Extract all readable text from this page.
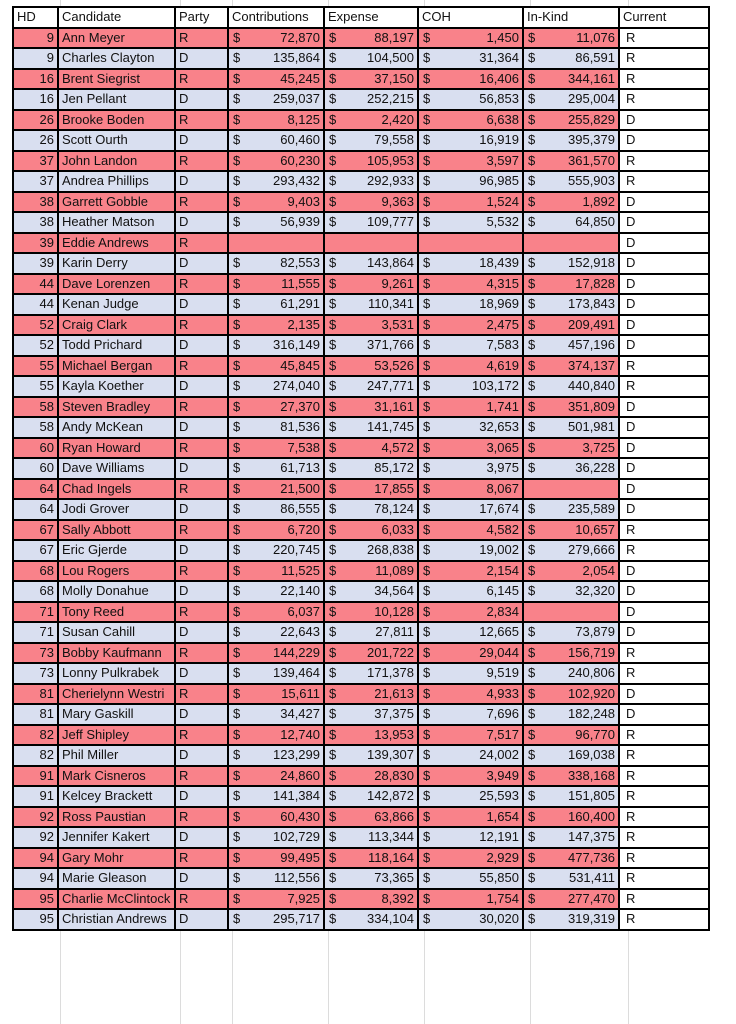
HD	Candidate	Party	Contributions	Expense	COH	In-Kind	Current
9	Ann Meyer	R	$ 72,870	$ 88,197	$ 1,450	$ 11,076	R
9	Charles Clayton	D	$ 135,864	$ 104,500	$ 31,364	$ 86,591	R
16	Brent Siegrist	R	$ 45,245	$ 37,150	$ 16,406	$ 344,161	R
16	Jen Pellant	D	$ 259,037	$ 252,215	$ 56,853	$ 295,004	R
26	Brooke Boden	R	$ 8,125	$ 2,420	$ 6,638	$ 255,829	D
26	Scott Ourth	D	$ 60,460	$ 79,558	$ 16,919	$ 395,379	D
37	John Landon	R	$ 60,230	$ 105,953	$ 3,597	$ 361,570	R
37	Andrea Phillips	D	$ 293,432	$ 292,933	$ 96,985	$ 555,903	R
38	Garrett Gobble	R	$ 9,403	$ 9,363	$ 1,524	$ 1,892	D
38	Heather Matson	D	$ 56,939	$ 109,777	$ 5,532	$ 64,850	D
39	Eddie Andrews	R					D
39	Karin Derry	D	$ 82,553	$ 143,864	$ 18,439	$ 152,918	D
44	Dave Lorenzen	R	$ 11,555	$ 9,261	$ 4,315	$ 17,828	D
44	Kenan Judge	D	$ 61,291	$ 110,341	$ 18,969	$ 173,843	D
52	Craig Clark	R	$ 2,135	$ 3,531	$ 2,475	$ 209,491	D
52	Todd Prichard	D	$ 316,149	$ 371,766	$ 7,583	$ 457,196	D
55	Michael Bergan	R	$ 45,845	$ 53,526	$ 4,619	$ 374,137	R
55	Kayla Koether	D	$ 274,040	$ 247,771	$ 103,172	$ 440,840	R
58	Steven Bradley	R	$ 27,370	$ 31,161	$ 1,741	$ 351,809	D
58	Andy McKean	D	$ 81,536	$ 141,745	$ 32,653	$ 501,981	D
60	Ryan Howard	R	$ 7,538	$ 4,572	$ 3,065	$ 3,725	D
60	Dave Williams	D	$ 61,713	$ 85,172	$ 3,975	$ 36,228	D
64	Chad Ingels	R	$ 21,500	$ 17,855	$ 8,067		D
64	Jodi Grover	D	$ 86,555	$ 78,124	$ 17,674	$ 235,589	D
67	Sally Abbott	R	$ 6,720	$ 6,033	$ 4,582	$ 10,657	R
67	Eric Gjerde	D	$ 220,745	$ 268,838	$ 19,002	$ 279,666	R
68	Lou Rogers	R	$ 11,525	$ 11,089	$ 2,154	$ 2,054	D
68	Molly Donahue	D	$ 22,140	$ 34,564	$ 6,145	$ 32,320	D
71	Tony Reed	R	$ 6,037	$ 10,128	$ 2,834		D
71	Susan Cahill	D	$ 22,643	$ 27,811	$ 12,665	$ 73,879	D
73	Bobby Kaufmann	R	$ 144,229	$ 201,722	$ 29,044	$ 156,719	R
73	Lonny Pulkrabek	D	$ 139,464	$ 171,378	$ 9,519	$ 240,806	R
81	Cherielynn Westri	R	$ 15,611	$ 21,613	$ 4,933	$ 102,920	D
81	Mary Gaskill	D	$ 34,427	$ 37,375	$ 7,696	$ 182,248	D
82	Jeff Shipley	R	$ 12,740	$ 13,953	$ 7,517	$ 96,770	R
82	Phil Miller	D	$ 123,299	$ 139,307	$ 24,002	$ 169,038	R
91	Mark Cisneros	R	$ 24,860	$ 28,830	$ 3,949	$ 338,168	R
91	Kelcey Brackett	D	$ 141,384	$ 142,872	$ 25,593	$ 151,805	R
92	Ross Paustian	R	$ 60,430	$ 63,866	$ 1,654	$ 160,400	R
92	Jennifer Kakert	D	$ 102,729	$ 113,344	$ 12,191	$ 147,375	R
94	Gary Mohr	R	$ 99,495	$ 118,164	$ 2,929	$ 477,736	R
94	Marie Gleason	D	$ 112,556	$ 73,365	$ 55,850	$ 531,411	R
95	Charlie McClintock	R	$ 7,925	$ 8,392	$ 1,754	$ 277,470	R
95	Christian Andrews	D	$ 295,717	$ 334,104	$ 30,020	$ 319,319	R
